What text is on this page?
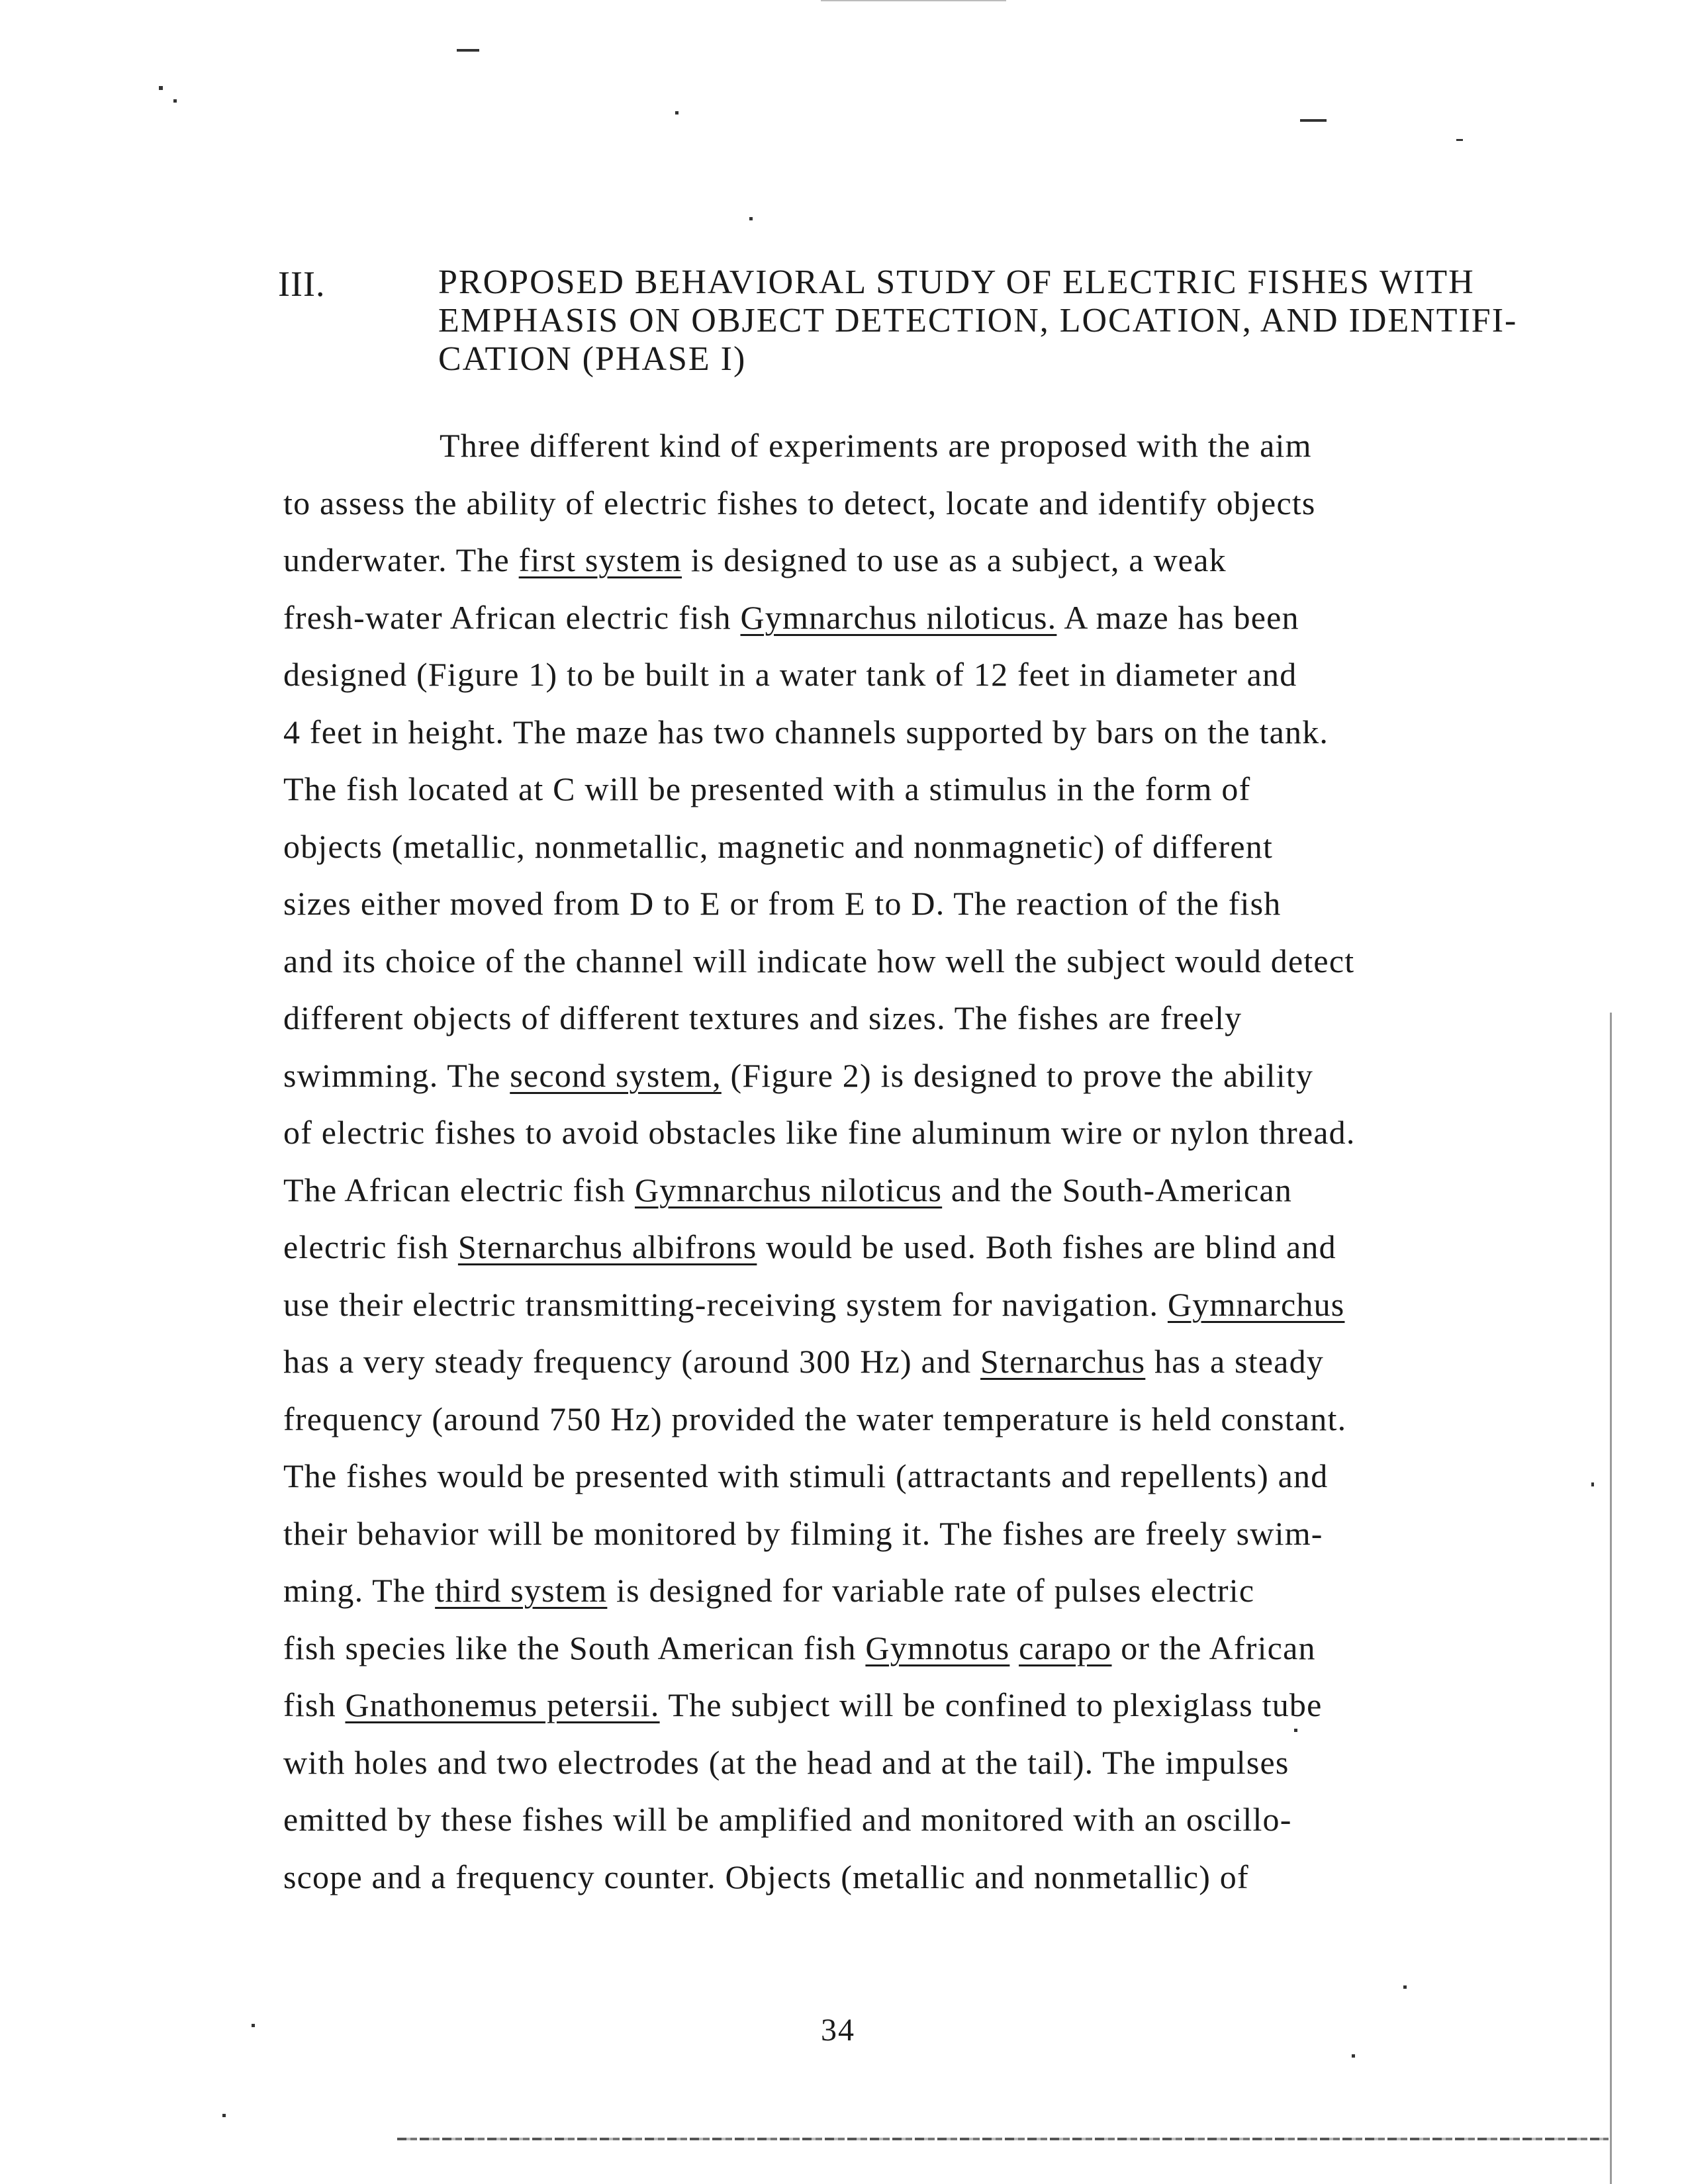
III.	PROPOSED BEHAVIORAL STUDY OF ELECTRIC FISHES WITH
EMPHASIS ON OBJECT DETECTION, LOCATION, AND IDENTIFI-
CATION (PHASE I)
Three different kind of experiments are proposed with the aim
to assess the ability of electric fishes to detect, locate and identify objects
underwater. The first system is designed to use as a subject, a weak
fresh-water African electric fish Gymnarchus niloticus. A maze has been
designed (Figure 1) to be built in a water tank of 12 feet in diameter and
4 feet in height. The maze has two channels supported by bars on the tank.
The fish located at C will be presented with a stimulus in the form of
objects (metallic, nonmetallic, magnetic and nonmagnetic) of different
sizes either moved from D to E or from E to D. The reaction of the fish
and its choice of the channel will indicate how well the subject would detect
different objects of different textures and sizes. The fishes are freely
swimming. The second system, (Figure 2) is designed to prove the ability
of electric fishes to avoid obstacles like fine aluminum wire or nylon thread.
The African electric fish Gymnarchus niloticus and the South-American
electric fish Sternarchus albifrons would be used. Both fishes are blind and
use their electric transmitting-receiving system for navigation. Gymnarchus
has a very steady frequency (around 300 Hz) and Sternarchus has a steady
frequency (around 750 Hz) provided the water temperature is held constant.
The fishes would be presented with stimuli (attractants and repellents) and
their behavior will be monitored by filming it. The fishes are freely swim-
ming. The third system is designed for variable rate of pulses electric
fish species like the South American fish Gymnotus carapo or the African
fish Gnathonemus petersii. The subject will be confined to plexiglass tube
with holes and two electrodes (at the head and at the tail). The impulses
emitted by these fishes will be amplified and monitored with an oscillo-
scope and a frequency counter. Objects (metallic and nonmetallic) of
34
